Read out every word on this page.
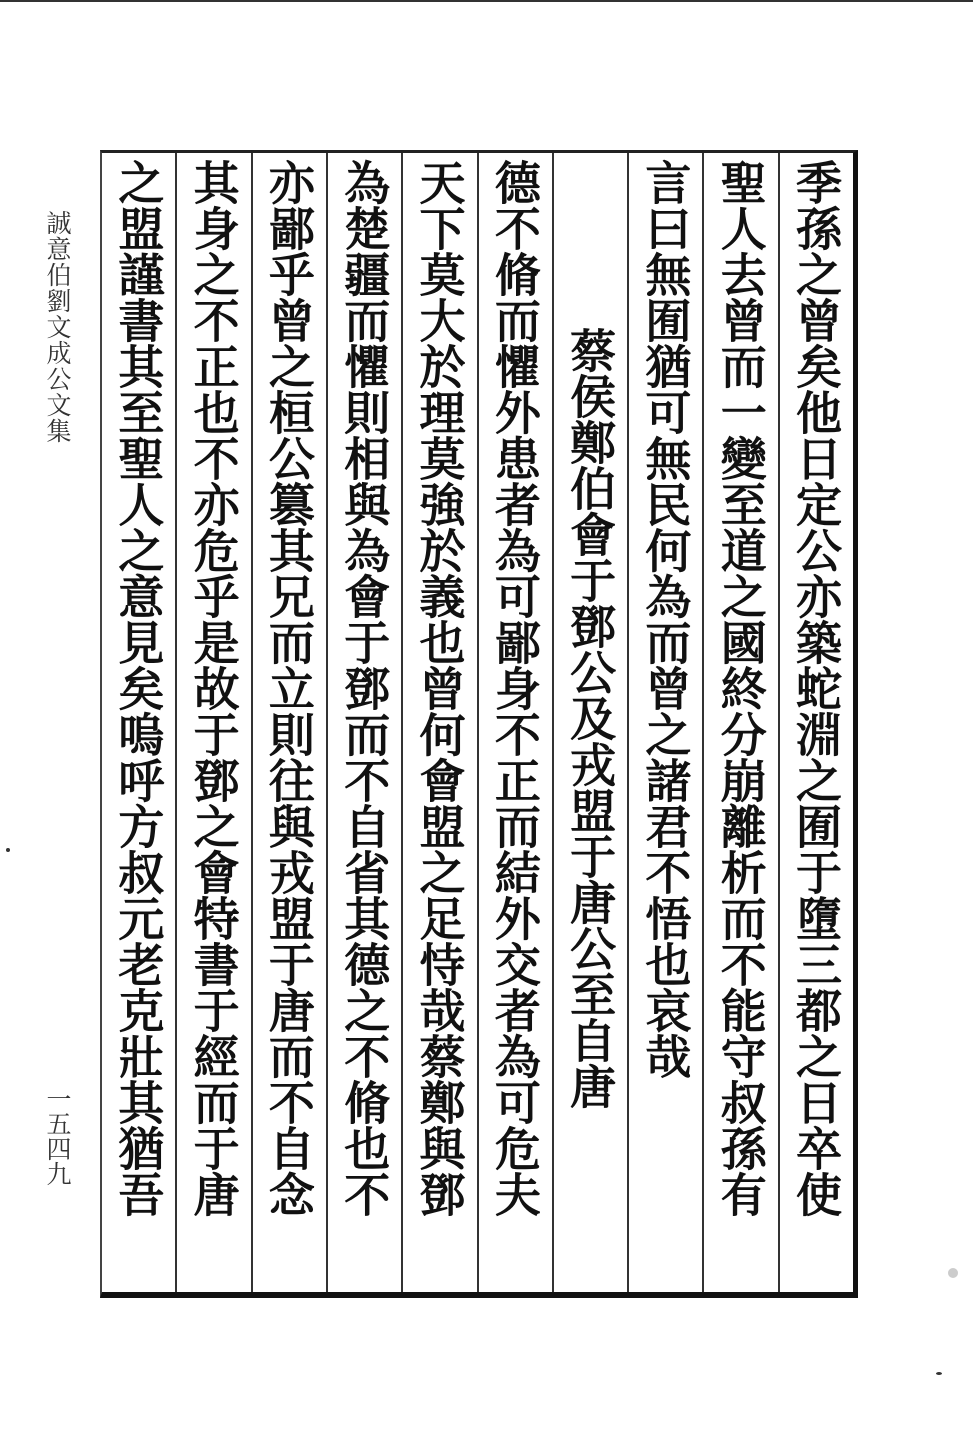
誠意伯劉文成公文集
一五四九	季孫之曾矣他日定公亦築蛇淵之囿于墮三都之日卒使
聖人去曾而一變至道之國終分崩離析而不能守叔孫有
言曰無囿猶可無民何為而曾之諸君不悟也哀哉
蔡侯鄭伯會于鄧公及戎盟于唐公至自唐
德不脩而懼外患者為可鄙身不正而結外交者為可危夫
天下莫大於理莫強於義也曾何會盟之足恃哉蔡鄭與鄧
為楚疆而懼則相與為會于鄧而不自省其德之不脩也不
亦鄙乎曾之桓公篡其兄而立則往與戎盟于唐而不自念
其身之不正也不亦危乎是故于鄧之會特書于經而于唐
之盟謹書其至聖人之意見矣嗚呼方叔元老克壯其猶吾
